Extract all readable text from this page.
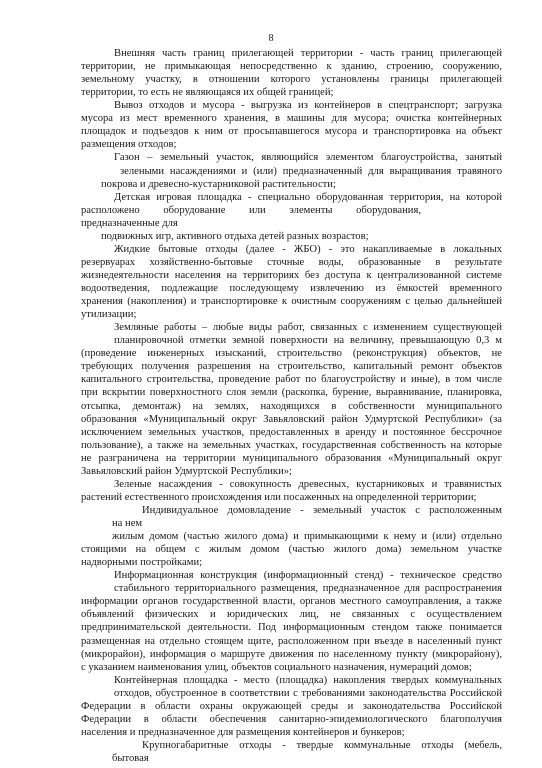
8
Внешняя часть границ прилегающей территории - часть границ прилегающей
территории, не примыкающая непосредственно к зданию, строению, сооружению,
земельному участку, в отношении которого установлены границы прилегающей
территории, то есть не являющаяся их общей границей;
Вывоз отходов и мусора - выгрузка из контейнеров в спецтранспорт; загрузка
мусора из мест временного хранения, в машины для мусора; очистка контейнерных
площадок и подъездов к ним от просыпавшегося мусора и транспортировка на объект
размещения отходов;
Газон – земельный участок, являющийся элементом благоустройства, занятый
зелеными насаждениями и (или) предназначенный для выращивания травяного
покрова и древесно-кустарниковой растительности;
Детская игровая площадка - специально оборудованная территория, на которой
расположено оборудование или элементы оборудования,
предназначенные для
подвижных игр, активного отдыха детей разных возрастов;
Жидкие бытовые отходы (далее - ЖБО) - это накапливаемые в локальных
резервуарах хозяйственно-бытовые сточные воды, образованные в результате
жизнедеятельности населения на территориях без доступа к централизованной системе
водоотведения, подлежащие последующему извлечению из ёмкостей временного
хранения (накопления) и транспортировке к очистным сооружениям с целью дальнейшей
утилизации;
Земляные работы – любые виды работ, связанных с изменением существующей
планировочной отметки земной поверхности на величину, превышающую 0,3 м
(проведение инженерных изысканий, строительство (реконструкция) объектов, не
требующих получения разрешения на строительство, капитальный ремонт объектов
капитального строительства, проведение работ по благоустройству и иные), в том числе
при вскрытии поверхностного слоя земли (раскопка, бурение, выравнивание, планировка,
отсыпка, демонтаж) на землях, находящихся в собственности муниципального
образования «Муниципальный округ Завьяловский район Удмуртской Республики» (за
исключением земельных участков, предоставленных в аренду и постоянное бессрочное
пользование), а также на земельных участках, государственная собственность на которые
не разграничена на территории муниципального образования «Муниципальный округ
Завьяловский район Удмуртской Республики»;
Зеленые насаждения - совокупность древесных, кустарниковых и травянистых
растений естественного происхождения или посаженных на определенной территории;
Индивидуальное домовладение - земельный участок с расположенным
на нем
жилым домом (частью жилого дома) и примыкающими к нему и (или) отдельно
стоящими на общем с жилым домом (частью жилого дома) земельном участке
надворными постройками;
Информационная конструкция (информационный стенд) - техническое средство
стабильного территориального размещения, предназначенное для распространения
информации органов государственной власти, органов местного самоуправления, а также
объявлений физических и юридических лиц, не связанных с осуществлением
предпринимательской деятельности. Под информационным стендом также понимается
размещенная на отдельно стоящем щите, расположенном при въезде в населенный пункт
(микрорайон), информация о маршруте движения по населенному пункту (микрорайону),
с указанием наименования улиц, объектов социального назначения, нумераций домов;
Контейнерная площадка - место (площадка) накопления твердых коммунальных
отходов, обустроенное в соответствии с требованиями законодательства Российской
Федерации в области охраны окружающей среды и законодательства Российской
Федерации в области обеспечения санитарно-эпидемиологического благополучия
населения и предназначенное для размещения контейнеров и бункеров;
Крупногабаритные отходы - твердые коммунальные отходы (мебель,
бытовая
